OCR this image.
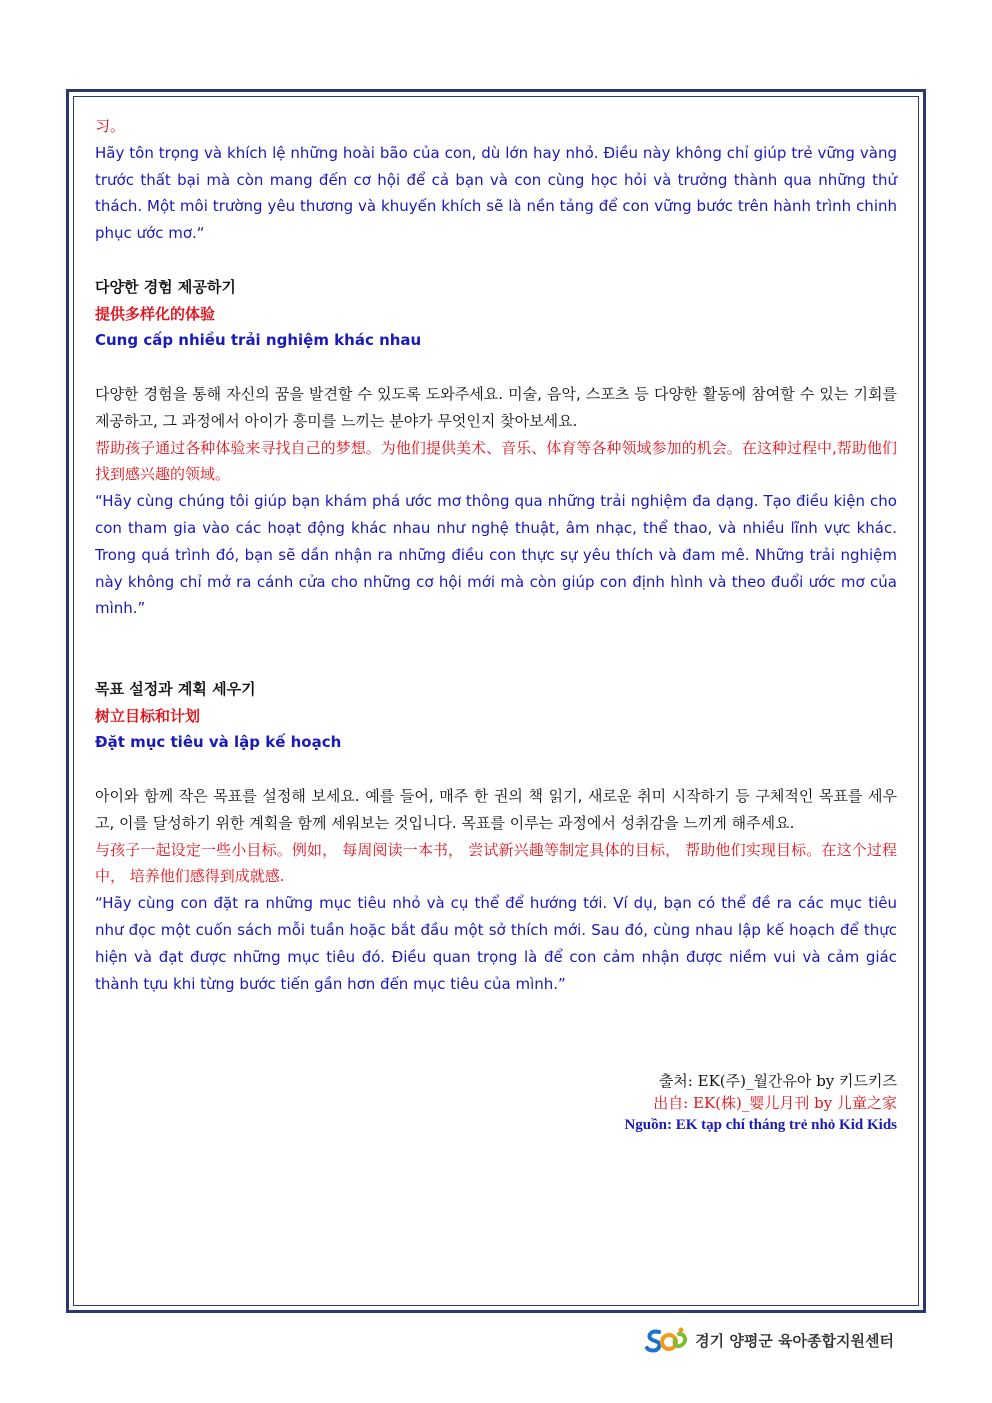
习。

Hãy tôn trọng và khích lệ những hoài bão của con, dù lớn hay nhỏ. Điều này không chỉ giúp trẻ vững vàng trước thất bại mà còn mang đến cơ hội để cả bạn và con cùng học hỏi và trưởng thành qua những thử thách. Một môi trường yêu thương và khuyến khích sẽ là nền tảng để con vững bước trên hành trình chinh phục ước mơ.“

다양한 경험 제공하기

提供多样化的体验

Cung cấp nhiều trải nghiệm khác nhau

다양한 경험을 통해 자신의 꿈을 발견할 수 있도록 도와주세요. 미술, 음악, 스포츠 등 다양한 활동에 참여할 수 있는 기회를 제공하고, 그 과정에서 아이가 흥미를 느끼는 분야가 무엇인지 찾아보세요.

帮助孩子通过各种体验来寻找自己的梦想。为他们提供美术、音乐、体育等各种领域参加的机会。在这种过程中,帮助他们找到感兴趣的领域。

“Hãy cùng chúng tôi giúp bạn khám phá ước mơ thông qua những trải nghiệm đa dạng. Tạo điều kiện cho con tham gia vào các hoạt động khác nhau như nghệ thuật, âm nhạc, thể thao, và nhiều lĩnh vực khác. Trong quá trình đó, bạn sẽ dần nhận ra những điều con thực sự yêu thích và đam mê. Những trải nghiệm này không chỉ mở ra cánh cửa cho những cơ hội mới mà còn giúp con định hình và theo đuổi ước mơ của mình.”

목표 설정과 계획 세우기

树立目标和计划

Đặt mục tiêu và lập kế hoạch

아이와 함께 작은 목표를 설정해 보세요. 예를 들어, 매주 한 권의 책 읽기, 새로운 취미 시작하기 등 구체적인 목표를 세우고, 이를 달성하기 위한 계획을 함께 세워보는 것입니다. 목표를 이루는 과정에서 성취감을 느끼게 해주세요.

与孩子一起设定一些小目标。例如， 每周阅读一本书， 尝试新兴趣等制定具体的目标， 帮助他们实现目标。在这个过程中， 培养他们感得到成就感.

“Hãy cùng con đặt ra những mục tiêu nhỏ và cụ thể để hướng tới. Ví dụ, bạn có thể đề ra các mục tiêu như đọc một cuốn sách mỗi tuần hoặc bắt đầu một sở thích mới. Sau đó, cùng nhau lập kế hoạch để thực hiện và đạt được những mục tiêu đó. Điều quan trọng là để con cảm nhận được niềm vui và cảm giác thành tựu khi từng bước tiến gần hơn đến mục tiêu của mình.”

출처: EK(주)_월간유아 by 키드키즈
出自: EK(株)_婴儿月刊 by 儿童之家
Nguồn: EK tạp chí tháng trẻ nhỏ Kid Kids
경기 양평군 육아종합지원센터
